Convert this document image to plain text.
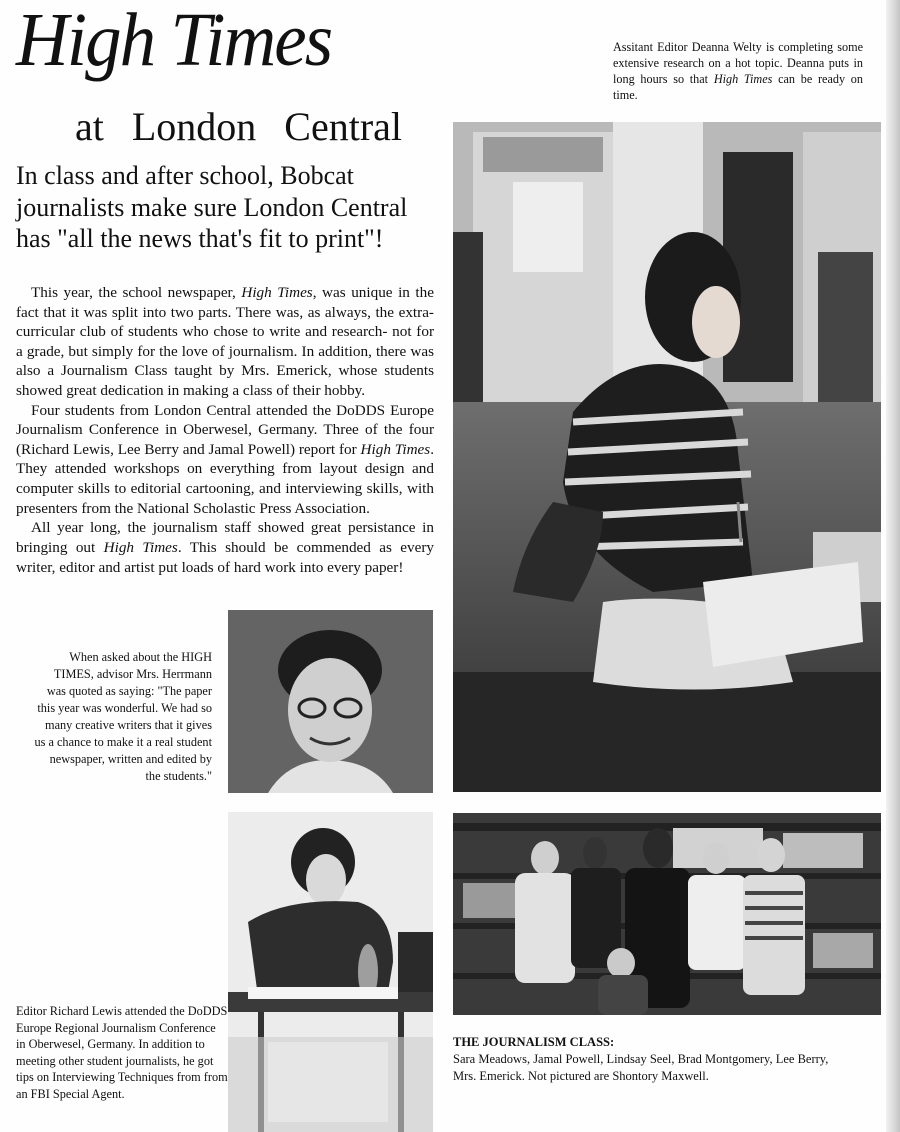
High Times
at London Central
In class and after school, Bobcat journalists make sure London Central has "all the news that's fit to print"!

This year, the school newspaper, High Times, was unique in the fact that it was split into two parts. There was, as always, the extra-curricular club of students who chose to write and research- not for a grade, but simply for the love of journalism. In addition, there was also a Journalism Class taught by Mrs. Emerick, whose students showed great dedication in making a class of their hobby.

Four students from London Central attended the DoDDS Europe Journalism Conference in Oberwesel, Germany. Three of the four (Richard Lewis, Lee Berry and Jamal Powell) report for High Times. They attended workshops on everything from layout design and computer skills to editorial cartooning, and interviewing skills, with presenters from the National Scholastic Press Association.

All year long, the journalism staff showed great persistance in bringing out High Times. This should be commended as every writer, editor and artist put loads of hard work into every paper!

Assitant Editor Deanna Welty is completing some extensive research on a hot topic. Deanna puts in long hours so that High Times can be ready on time.
When asked about the HIGH TIMES, advisor Mrs. Herrmann was quoted as saying: "The paper this year was wonderful. We had so many creative writers that it gives us a chance to make it a real student newspaper, written and edited by the students."
Editor Richard Lewis attended the DoDDS Europe Regional Journalism Conference in Oberwesel, Germany. In addition to meeting other student journalists, he got tips on Interviewing Techniques from from an FBI Special Agent.
THE JOURNALISM CLASS:
Sara Meadows, Jamal Powell, Lindsay Seel, Brad Montgomery, Lee Berry, Mrs. Emerick. Not pictured are Shontory Maxwell.
